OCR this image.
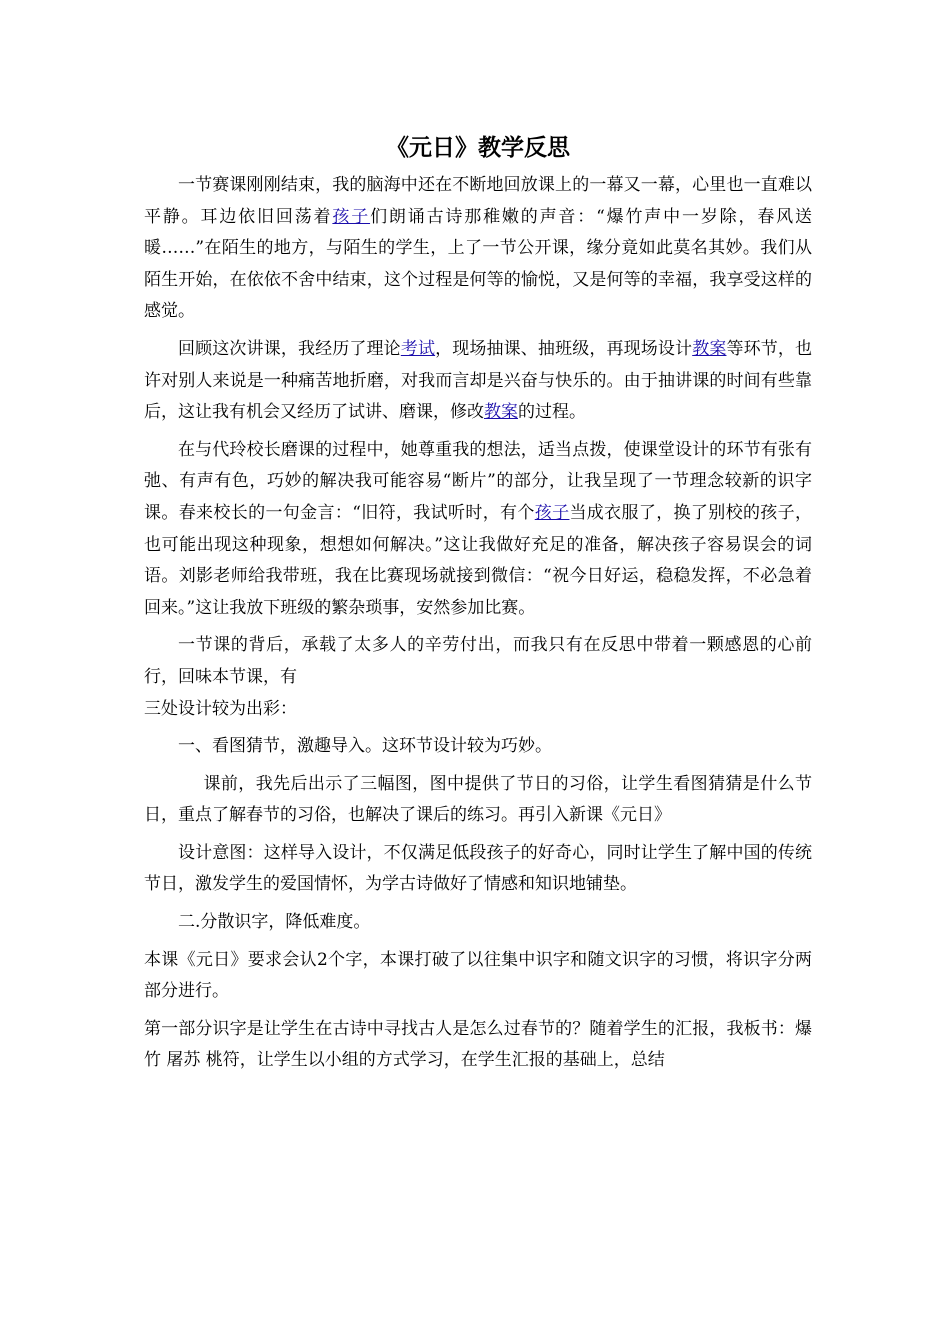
《元日》教学反思

一节赛课刚刚结束，我的脑海中还在不断地回放课上的一幕又一幕，心里也一直难以平静。耳边依旧回荡着孩子们朗诵古诗那稚嫩的声音：“爆竹声中一岁除，春风送暖……”在陌生的地方，与陌生的学生，上了一节公开课，缘分竟如此莫名其妙。我们从陌生开始，在依依不舍中结束，这个过程是何等的愉悦，又是何等的幸福，我享受这样的感觉。

回顾这次讲课，我经历了理论考试，现场抽课、抽班级，再现场设计教案等环节，也许对别人来说是一种痛苦地折磨，对我而言却是兴奋与快乐的。由于抽讲课的时间有些靠后，这让我有机会又经历了试讲、磨课，修改教案的过程。

在与代玲校长磨课的过程中，她尊重我的想法，适当点拨，使课堂设计的环节有张有弛、有声有色，巧妙的解决我可能容易“断片”的部分，让我呈现了一节理念较新的识字课。春来校长的一句金言：“旧符，我试听时，有个孩子当成衣服了，换了别校的孩子，也可能出现这种现象，想想如何解决。”这让我做好充足的准备，解决孩子容易误会的词语。刘影老师给我带班，我在比赛现场就接到微信：“祝今日好运，稳稳发挥，不必急着回来。”这让我放下班级的繁杂琐事，安然参加比赛。

一节课的背后，承载了太多人的辛劳付出，而我只有在反思中带着一颗感恩的心前行，回味本节课，有

三处设计较为出彩：

一、看图猜节，激趣导入。这环节设计较为巧妙。

课前，我先后出示了三幅图，图中提供了节日的习俗，让学生看图猜猜是什么节日，重点了解春节的习俗，也解决了课后的练习。再引入新课《元日》

设计意图：这样导入设计，不仅满足低段孩子的好奇心，同时让学生了解中国的传统节日，激发学生的爱国情怀，为学古诗做好了情感和知识地铺垫。

二.分散识字，降低难度。

本课《元日》要求会认2个字，本课打破了以往集中识字和随文识字的习惯，将识字分两部分进行。

第一部分识字是让学生在古诗中寻找古人是怎么过春节的？随着学生的汇报，我板书：爆竹 屠苏 桃符，让学生以小组的方式学习，在学生汇报的基础上，总结
